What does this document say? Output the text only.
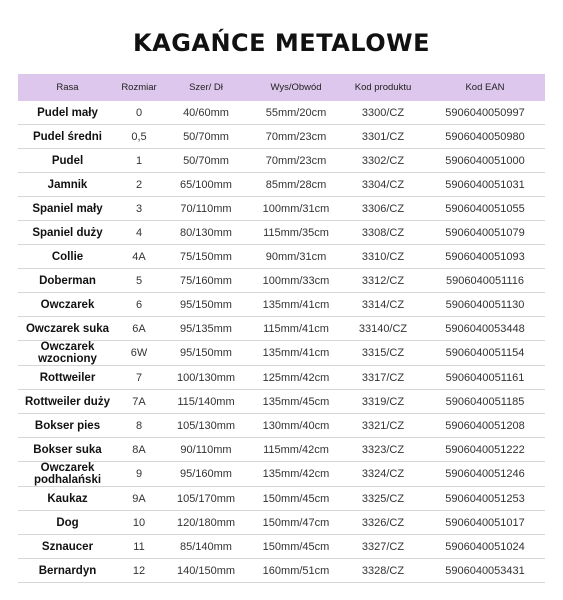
KAGAŃCE METALOWE
Rasa	Rozmiar	Szer/ Dł	Wys/Obwód	Kod produktu	Kod EAN
Pudel mały	0	40/60mm	55mm/20cm	3300/CZ	5906040050997
Pudel średni	0,5	50/70mm	70mm/23cm	3301/CZ	5906040050980
Pudel	1	50/70mm	70mm/23cm	3302/CZ	5906040051000
Jamnik	2	65/100mm	85mm/28cm	3304/CZ	5906040051031
Spaniel mały	3	70/110mm	100mm/31cm	3306/CZ	5906040051055
Spaniel duży	4	80/130mm	115mm/35cm	3308/CZ	5906040051079
Collie	4A	75/150mm	90mm/31cm	3310/CZ	5906040051093
Doberman	5	75/160mm	100mm/33cm	3312/CZ	5906040051116
Owczarek	6	95/150mm	135mm/41cm	3314/CZ	5906040051130
Owczarek suka	6A	95/135mm	115mm/41cm	33140/CZ	5906040053448
Owczarek wzocniony	6W	95/150mm	135mm/41cm	3315/CZ	5906040051154
Rottweiler	7	100/130mm	125mm/42cm	3317/CZ	5906040051161
Rottweiler duży	7A	115/140mm	135mm/45cm	3319/CZ	5906040051185
Bokser pies	8	105/130mm	130mm/40cm	3321/CZ	5906040051208
Bokser suka	8A	90/110mm	115mm/42cm	3323/CZ	5906040051222
Owczarek podhalański	9	95/160mm	135mm/42cm	3324/CZ	5906040051246
Kaukaz	9A	105/170mm	150mm/45cm	3325/CZ	5906040051253
Dog	10	120/180mm	150mm/47cm	3326/CZ	5906040051017
Sznaucer	11	85/140mm	150mm/45cm	3327/CZ	5906040051024
Bernardyn	12	140/150mm	160mm/51cm	3328/CZ	5906040053431
